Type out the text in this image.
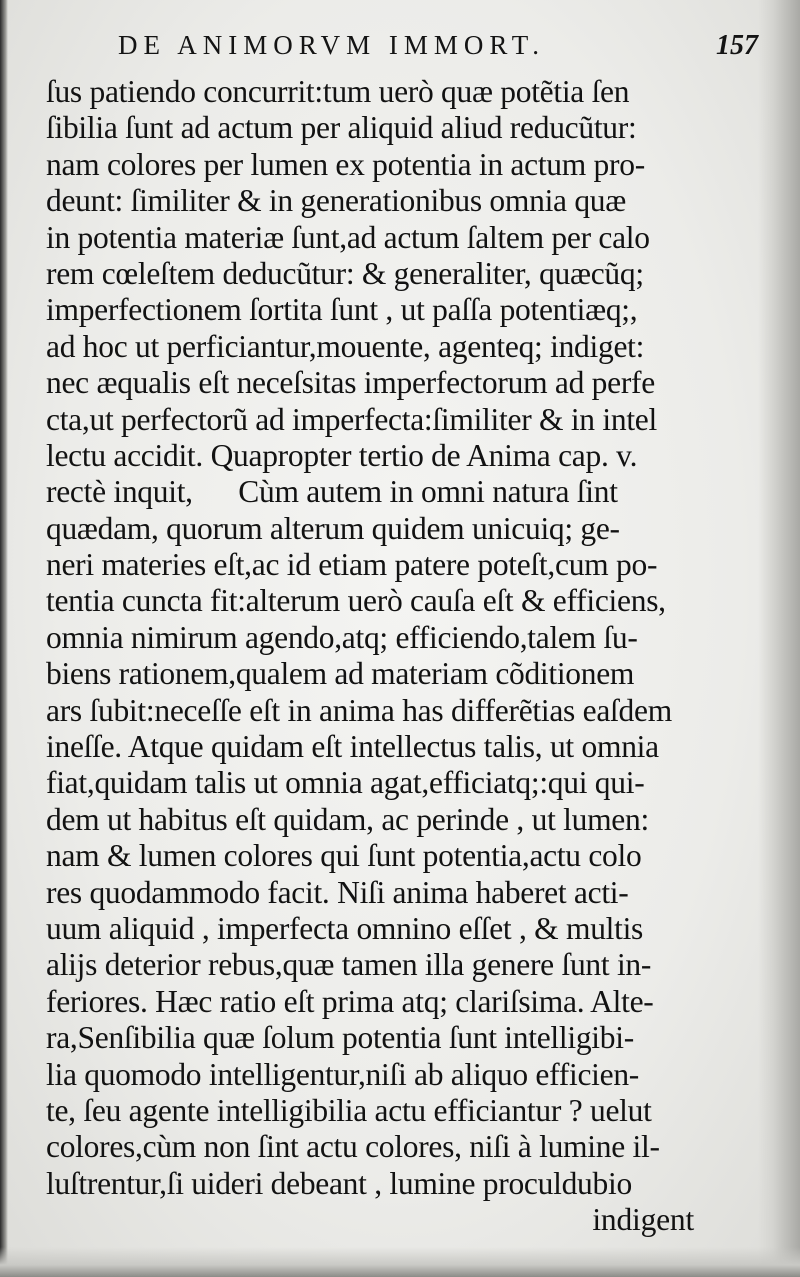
DE ANIMORVM IMMORT.	157
ſus patiendo concurrit:tum uerò quæ potẽtia ſen
ſibilia ſunt ad actum per aliquid aliud reducũtur:
nam colores per lumen ex potentia in actum pro-
deunt: ſimiliter & in generationibus omnia quæ
in potentia materiæ ſunt,ad actum ſaltem per calo
rem cœleſtem deducũtur: & generaliter, quæcũq;
imperfectionem ſortita ſunt , ut paſſa potentiæq;,
ad hoc ut perficiantur,mouente, agenteq; indiget:
nec æqualis eſt neceſsitas imperfectorum ad perfe
cta,ut perfectorũ ad imperfecta:ſimiliter & in intel
lectu accidit. Quapropter tertio de Anima cap. v.
rectè inquit,      Cùm autem in omni natura ſint
quædam, quorum alterum quidem unicuiq; ge-
neri materies eſt,ac id etiam patere poteſt,cum po-
tentia cuncta fit:alterum uerò cauſa eſt & efficiens,
omnia nimirum agendo,atq; efficiendo,talem ſu-
biens rationem,qualem ad materiam cõditionem
ars ſubit:neceſſe eſt in anima has differẽtias eaſdem
ineſſe. Atque quidam eſt intellectus talis, ut omnia
fiat,quidam talis ut omnia agat,efficiatq;:qui qui-
dem ut habitus eſt quidam, ac perinde , ut lumen:
nam & lumen colores qui ſunt potentia,actu colo
res quodammodo facit. Niſi anima haberet acti-
uum aliquid , imperfecta omnino eſſet , & multis
alijs deterior rebus,quæ tamen illa genere ſunt in-
feriores. Hæc ratio eſt prima atq; clariſsima. Alte-
ra,Senſibilia quæ ſolum potentia ſunt intelligibi-
lia quomodo intelligentur,niſi ab aliquo efficien-
te, ſeu agente intelligibilia actu efficiantur ? uelut
colores,cùm non ſint actu colores, niſi à lumine il-
luſtrentur,ſi uideri debeant , lumine proculdubio
indigent
